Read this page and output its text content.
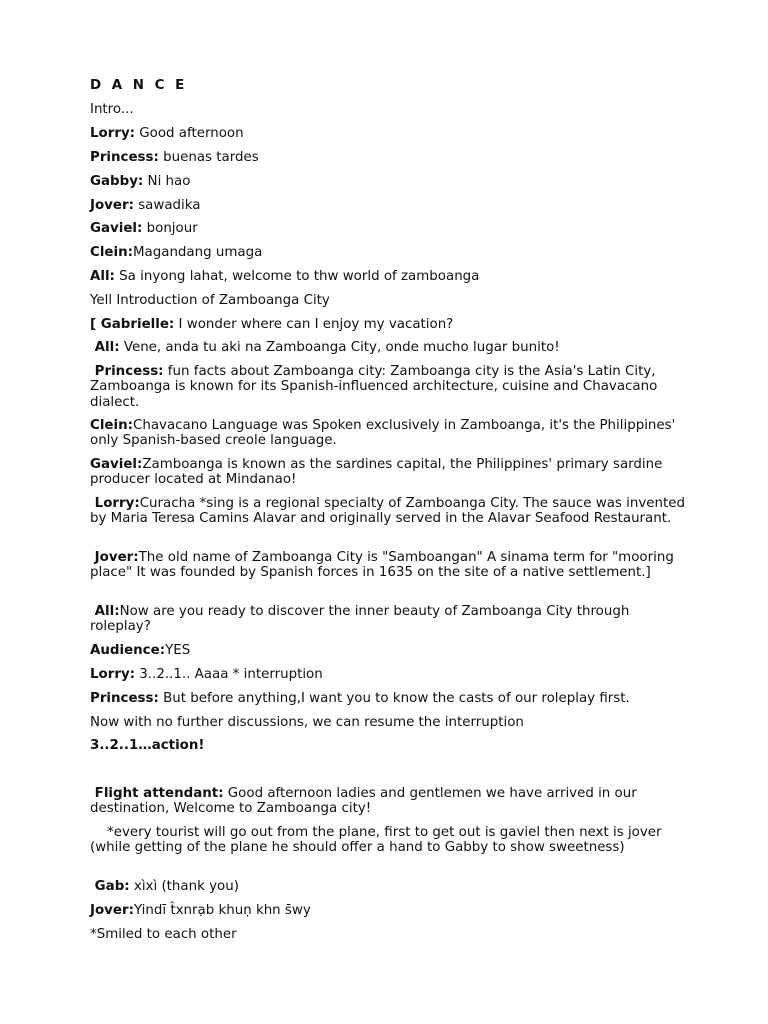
D A N C E
Intro...
Lorry: Good afternoon
Princess: buenas tardes
Gabby: Ni hao
Jover: sawadika
Gaviel: bonjour
Clein:Magandang umaga
All: Sa inyong lahat, welcome to thw world of zamboanga
Yell Introduction of Zamboanga City
[ Gabrielle: I wonder where can I enjoy my vacation?
All: Vene, anda tu aki na Zamboanga City, onde mucho lugar bunito!
Princess: fun facts about Zamboanga city: Zamboanga city is the Asia's Latin City, Zamboanga is known for its Spanish-influenced architecture, cuisine and Chavacano dialect.
Clein:Chavacano Language was Spoken exclusively in Zamboanga, it's the Philippines' only Spanish-based creole language.
Gaviel:Zamboanga is known as the sardines capital, the Philippines' primary sardine producer located at Mindanao!
Lorry:Curacha *sing is a regional specialty of Zamboanga City. The sauce was invented by Maria Teresa Camins Alavar and originally served in the Alavar Seafood Restaurant.
Jover:The old name of Zamboanga City is "Samboangan" A sinama term for "mooring place" It was founded by Spanish forces in 1635 on the site of a native settlement.]
All:Now are you ready to discover the inner beauty of Zamboanga City through roleplay?
Audience:YES
Lorry: 3..2..1.. Aaaa * interruption
Princess: But before anything,I want you to know the casts of our roleplay first.
Now with no further discussions, we can resume the interruption
3..2..1…action!
Flight attendant: Good afternoon ladies and gentlemen we have arrived in our destination, Welcome to Zamboanga city!
*every tourist will go out from the plane, first to get out is gaviel then next is jover (while getting of the plane he should offer a hand to Gabby to show sweetness)
Gab: xìxì (thank you)
Jover:Yindī t̂xnrạb khuṇ khn s̄wy
*Smiled to each other
